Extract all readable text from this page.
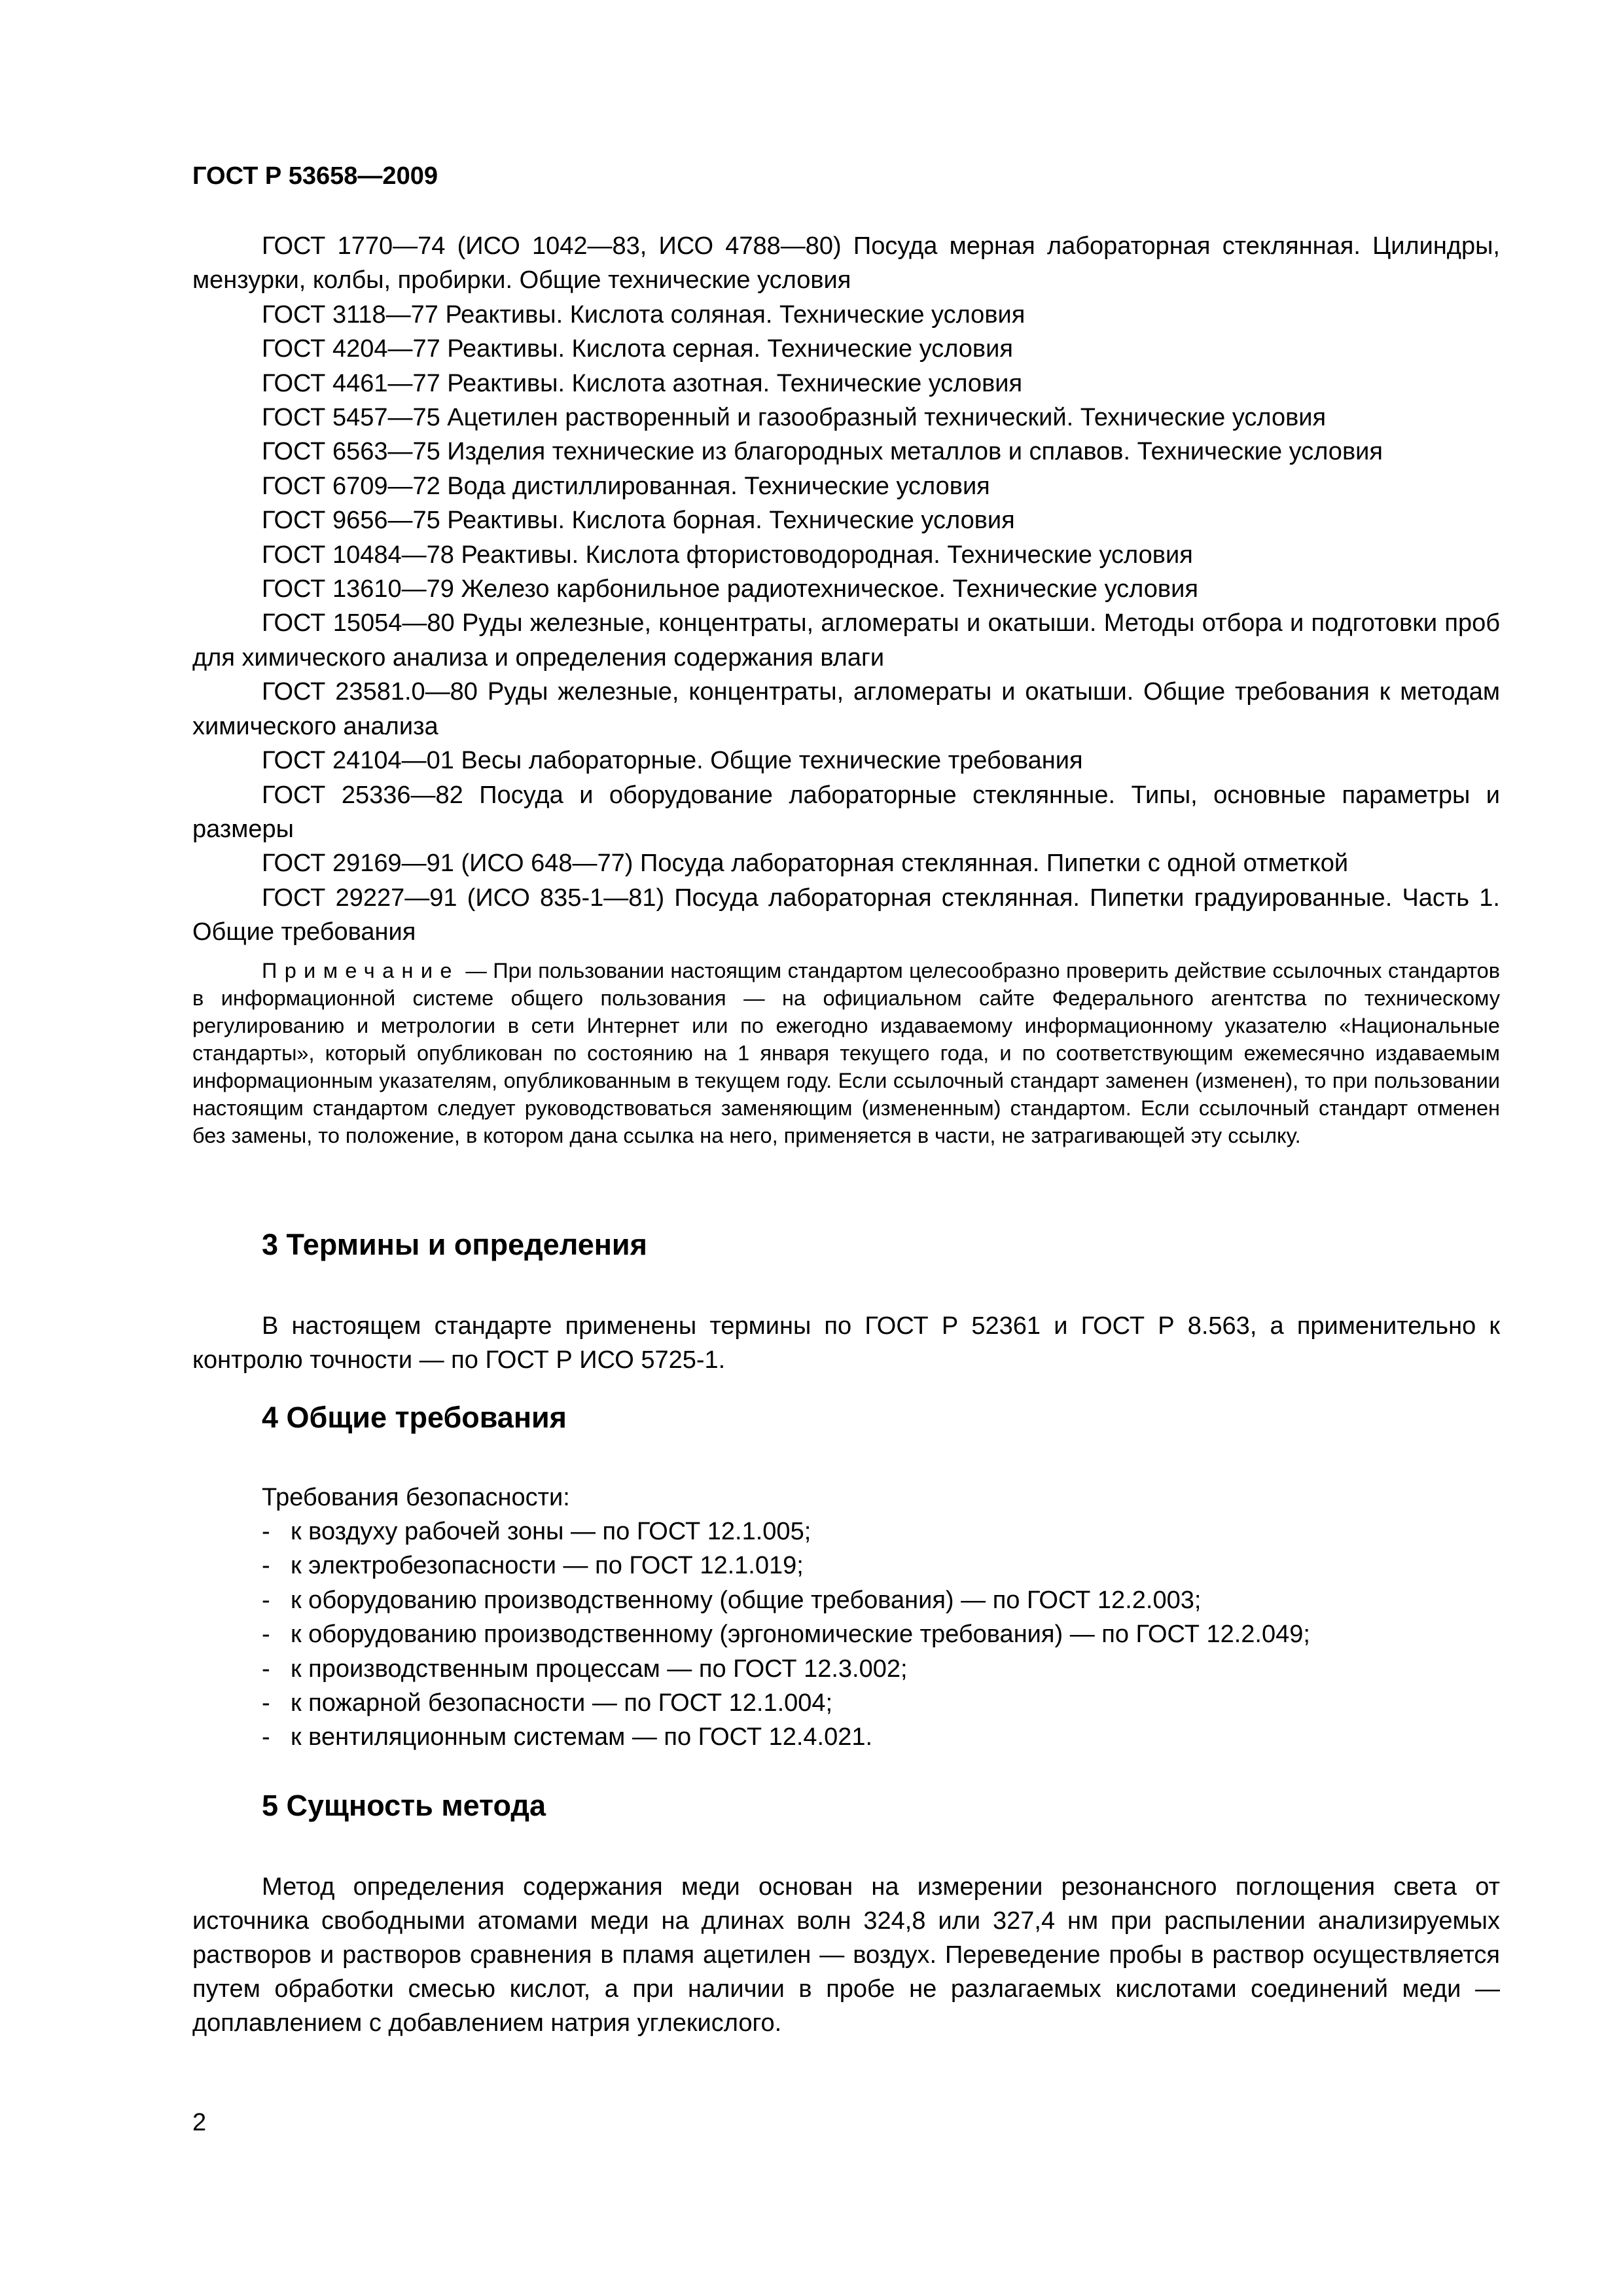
ГОСТ Р 53658—2009

ГОСТ 1770—74 (ИСО 1042—83, ИСО 4788—80) Посуда мерная лабораторная стеклянная. Цилиндры, мензурки, колбы, пробирки. Общие технические условия

ГОСТ 3118—77 Реактивы. Кислота соляная. Технические условия

ГОСТ 4204—77 Реактивы. Кислота серная. Технические условия

ГОСТ 4461—77 Реактивы. Кислота азотная. Технические условия

ГОСТ 5457—75 Ацетилен растворенный и газообразный технический. Технические условия

ГОСТ 6563—75 Изделия технические из благородных металлов и сплавов. Технические условия

ГОСТ 6709—72 Вода дистиллированная. Технические условия

ГОСТ 9656—75 Реактивы. Кислота борная. Технические условия

ГОСТ 10484—78 Реактивы. Кислота фтористоводородная. Технические условия

ГОСТ 13610—79 Железо карбонильное радиотехническое. Технические условия

ГОСТ 15054—80 Руды железные, концентраты, агломераты и окатыши. Методы отбора и подготовки проб для химического анализа и определения содержания влаги

ГОСТ 23581.0—80 Руды железные, концентраты, агломераты и окатыши. Общие требования к методам химического анализа

ГОСТ 24104—01 Весы лабораторные. Общие технические требования

ГОСТ 25336—82 Посуда и оборудование лабораторные стеклянные. Типы, основные параметры и размеры

ГОСТ 29169—91 (ИСО 648—77) Посуда лабораторная стеклянная. Пипетки с одной отметкой

ГОСТ 29227—91 (ИСО 835-1—81) Посуда лабораторная стеклянная. Пипетки градуированные. Часть 1. Общие требования

Примечание — При пользовании настоящим стандартом целесообразно проверить действие ссылочных стандартов в информационной системе общего пользования — на официальном сайте Федерального агентства по техническому регулированию и метрологии в сети Интернет или по ежегодно издаваемому информационному указателю «Национальные стандарты», который опубликован по состоянию на 1 января текущего года, и по соответствующим ежемесячно издаваемым информационным указателям, опубликованным в текущем году. Если ссылочный стандарт заменен (изменен), то при пользовании настоящим стандартом следует руководствоваться заменяющим (измененным) стандартом. Если ссылочный стандарт отменен без замены, то положение, в котором дана ссылка на него, применяется в части, не затрагивающей эту ссылку.

3 Термины и определения

В настоящем стандарте применены термины по ГОСТ Р 52361 и ГОСТ Р 8.563, а применительно к контролю точности — по ГОСТ Р ИСО 5725-1.

4 Общие требования
Требования безопасности:
- к воздуху рабочей зоны — по ГОСТ 12.1.005;
- к электробезопасности — по ГОСТ 12.1.019;
- к оборудованию производственному (общие требования) — по ГОСТ 12.2.003;
- к оборудованию производственному (эргономические требования) — по ГОСТ 12.2.049;
- к производственным процессам — по ГОСТ 12.3.002;
- к пожарной безопасности — по ГОСТ 12.1.004;
- к вентиляционным системам — по ГОСТ 12.4.021.
5 Сущность метода

Метод определения содержания меди основан на измерении резонансного поглощения света от источника свободными атомами меди на длинах волн 324,8 или 327,4 нм при распылении анализируемых растворов и растворов сравнения в пламя ацетилен — воздух. Переведение пробы в раствор осуществляется путем обработки смесью кислот, а при наличии в пробе не разлагаемых кислотами соединений меди — доплавлением с добавлением натрия углекислого.

2
